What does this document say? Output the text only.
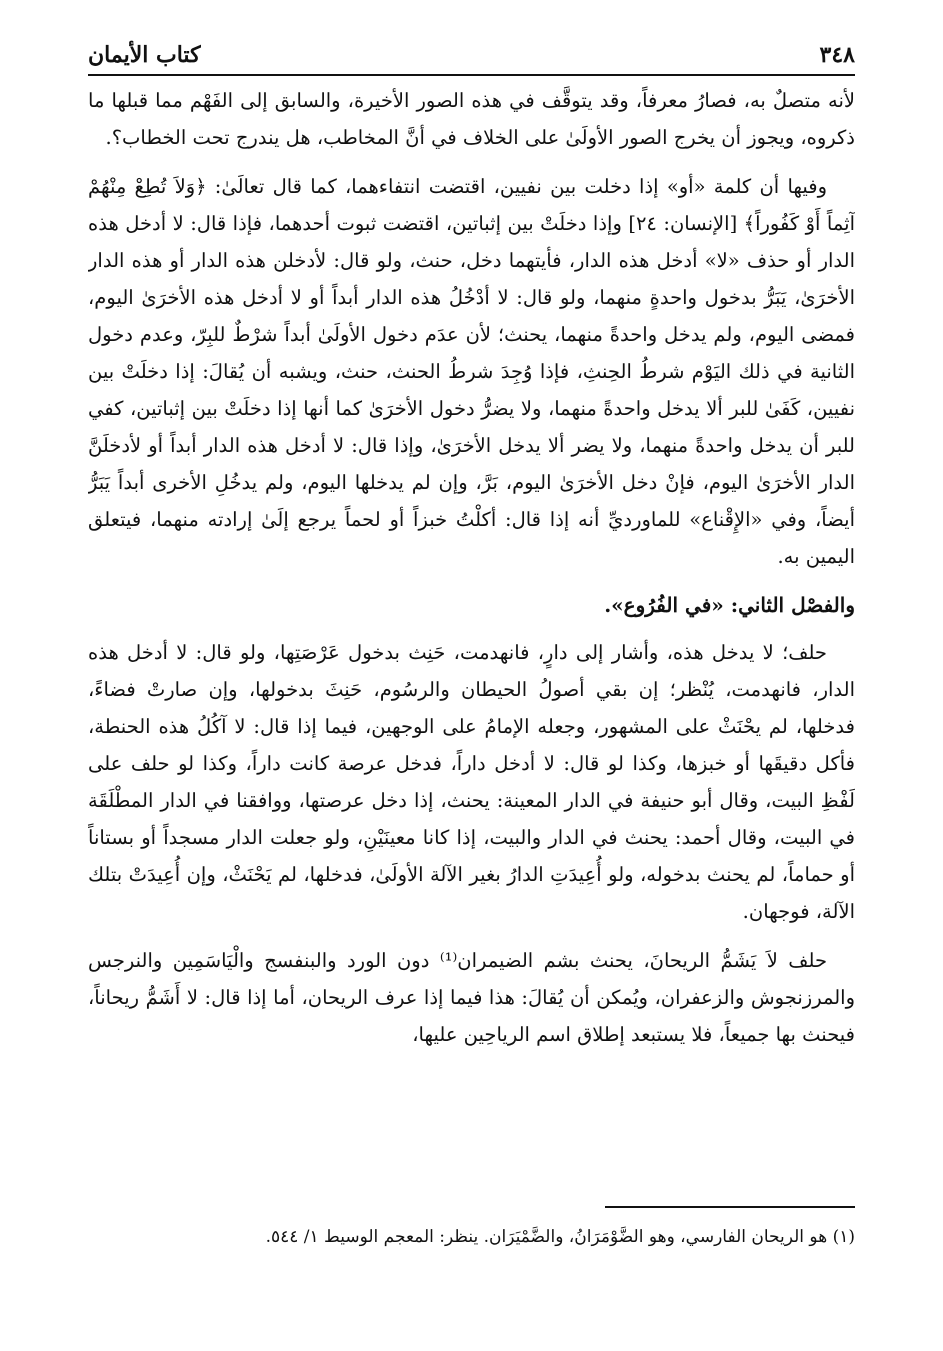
٣٤٨
كتاب الأيمان

لأنه متصلٌ به، فصارُ معرفاً، وقد يتوقَّف في هذه الصور الأخيرة، والسابق إلى الفَهْم مما قبلها ما ذكروه، ويجوز أن يخرج الصور الأولَىٰ على الخلاف في أنَّ المخاطب، هل يندرج تحت الخطاب؟.

وفيها أن كلمة «أو» إذا دخلت بين نفيين، اقتضت انتفاءهما، كما قال تعالَىٰ: ﴿وَلاَ تُطِعْ مِنْهُمْ آثِماً أَوْ كَفُوراً﴾ [الإنسان: ٢٤] وإذا دخلَتْ بين إثباتين، اقتضت ثبوت أحدهما، فإذا قال: لا أدخل هذه الدار أو حذف «لا» أدخل هذه الدار، فأيتهما دخل، حنث، ولو قال: لأدخلن هذه الدار أو هذه الدار الأخرَىٰ، يَبَرُّ بدخول واحدةٍ منهما، ولو قال: لا أدْخُلُ هذه الدار أبداً أو لا أدخل هذه الأخرَىٰ اليوم، فمضى اليوم، ولم يدخل واحدةً منهما، يحنث؛ لأن عدَم دخول الأولَىٰ أبداً شرْطٌ للبِرّ، وعدم دخول الثانية في ذلك اليَوْم شرطُ الحِنثِ، فإذا وُجِدَ شرطُ الحنث، حنث، ويشبه أن يُقالَ: إذا دخلَتْ بين نفيين، كَفَىٰ للبر ألا يدخل واحدةً منهما، ولا يضرُّ دخول الأخرَىٰ كما أنها إذا دخلَتْ بين إثباتين، كفي للبر أن يدخل واحدةً منهما، ولا يضر ألا يدخل الأخرَىٰ، وإذا قال: لا أدخل هذه الدار أبداً أو لأدخلَنَّ الدار الأخرَىٰ اليوم، فإنْ دخل الأخرَىٰ اليوم، بَرَّ، وإن لم يدخلها اليوم، ولم يدخُلِ الأخرى أبداً يَبَرُّ أيضاً، وفي «الإِقْناع» للماورديِّ أنه إذا قال: أكلْتُ خبزاً أو لحماً يرجع إلَىٰ إرادته منهما، فيتعلق اليمين به.

والفصْل الثاني: «في الفُرُوع».

حلف؛ لا يدخل هذه، وأشار إلى دارٍ، فانهدمت، حَنِث بدخول عَرْصَتِها، ولو قال: لا أدخل هذه الدار، فانهدمت، يُنْظر؛ إن بقي أصولُ الحيطان والرسُوم، حَنِثَ بدخولها، وإن صارتْ فضاءً، فدخلها، لم يحْنَثْ على المشهور، وجعله الإمامُ على الوجهين، فيما إذا قال: لا آكُلُ هذه الحنطة، فأكل دقيقَها أو خبزها، وكذا لو قال: لا أدخل داراً، فدخل عرصة كانت داراً، وكذا لو حلف على لَفْظِ البيت، وقال أبو حنيفة في الدار المعينة: يحنث، إذا دخل عرصتها، ووافقنا في الدار المطْلَقَة في البيت، وقال أحمد: يحنث في الدار والبيت، إذا كانا معينَيْنِ، ولو جعلت الدار مسجداً أو بستاناً أو حماماً، لم يحنث بدخوله، ولو أُعِيدَتِ الدارُ بغير الآلة الأولَىٰ، فدخلها، لم يَحْنَثْ، وإن أُعِيدَتْ بتلك الآلة، فوجهان.

حلف لاَ يَشَمُّ الريحانَ، يحنث بشم الضيمران⁽¹⁾ دون الورد والبنفسج والْيَاسَمِين والنرجس والمرزنجوش والزعفران، ويُمكن أن يُقالَ: هذا فيما إذا عرف الريحان، أما إذا قال: لا أَشَمُّ ريحاناً، فيحنث بها جميعاً، فلا يستبعد إطلاق اسم الرياحِين عليها،

(١) هو الريحان الفارسي، وهو الضَّوْمَرَانُ، والضَّمْيَرَان. ينظر: المعجم الوسيط ١/ ٥٤٤.
